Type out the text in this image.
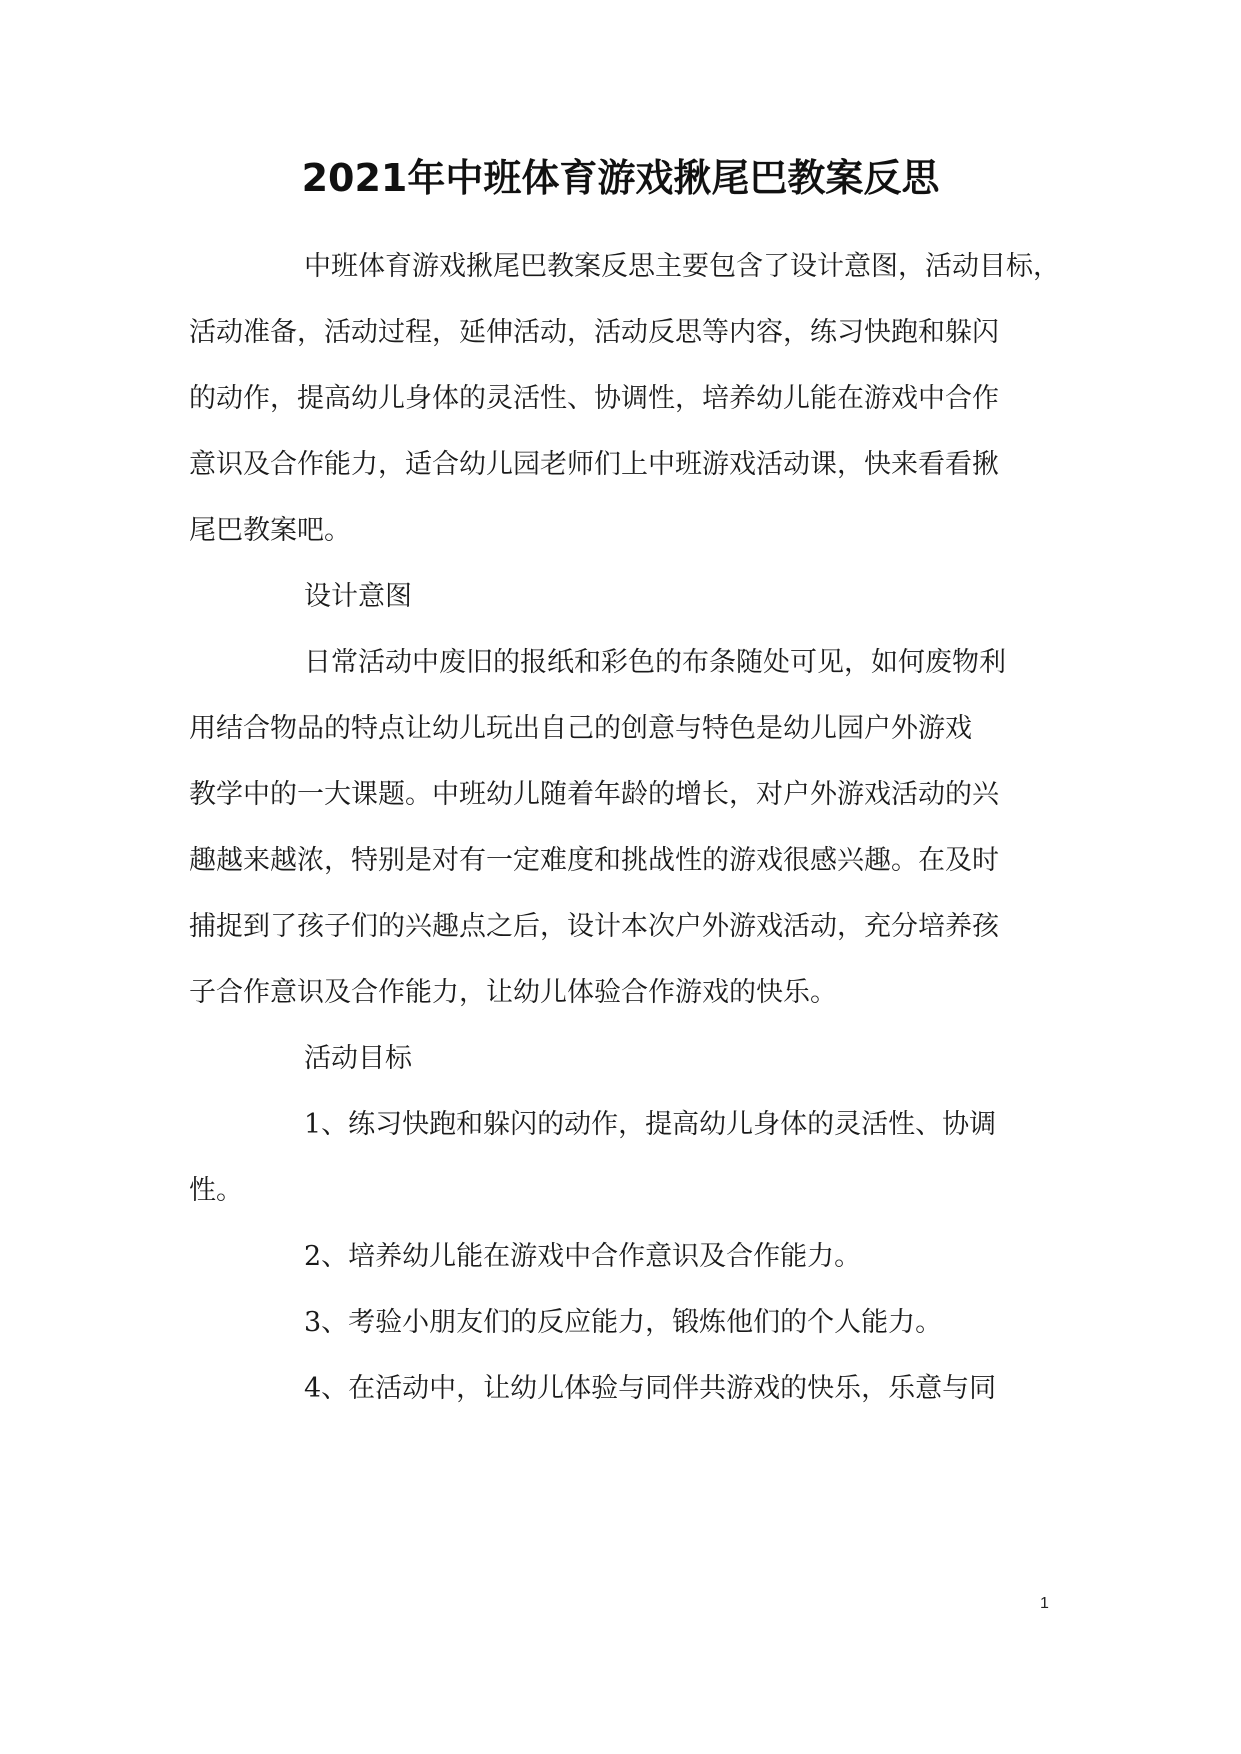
2021年中班体育游戏揪尾巴教案反思
中班体育游戏揪尾巴教案反思主要包含了设计意图，活动目标，
活动准备，活动过程，延伸活动，活动反思等内容，练习快跑和躲闪
的动作，提高幼儿身体的灵活性、协调性，培养幼儿能在游戏中合作
意识及合作能力，适合幼儿园老师们上中班游戏活动课，快来看看揪
尾巴教案吧。
设计意图
日常活动中废旧的报纸和彩色的布条随处可见，如何废物利
用结合物品的特点让幼儿玩出自己的创意与特色是幼儿园户外游戏
教学中的一大课题。中班幼儿随着年龄的增长，对户外游戏活动的兴
趣越来越浓，特别是对有一定难度和挑战性的游戏很感兴趣。在及时
捕捉到了孩子们的兴趣点之后，设计本次户外游戏活动，充分培养孩
子合作意识及合作能力，让幼儿体验合作游戏的快乐。
活动目标
1、练习快跑和躲闪的动作，提高幼儿身体的灵活性、协调
性。
2、培养幼儿能在游戏中合作意识及合作能力。
3、考验小朋友们的反应能力，锻炼他们的个人能力。
4、在活动中，让幼儿体验与同伴共游戏的快乐，乐意与同
1
